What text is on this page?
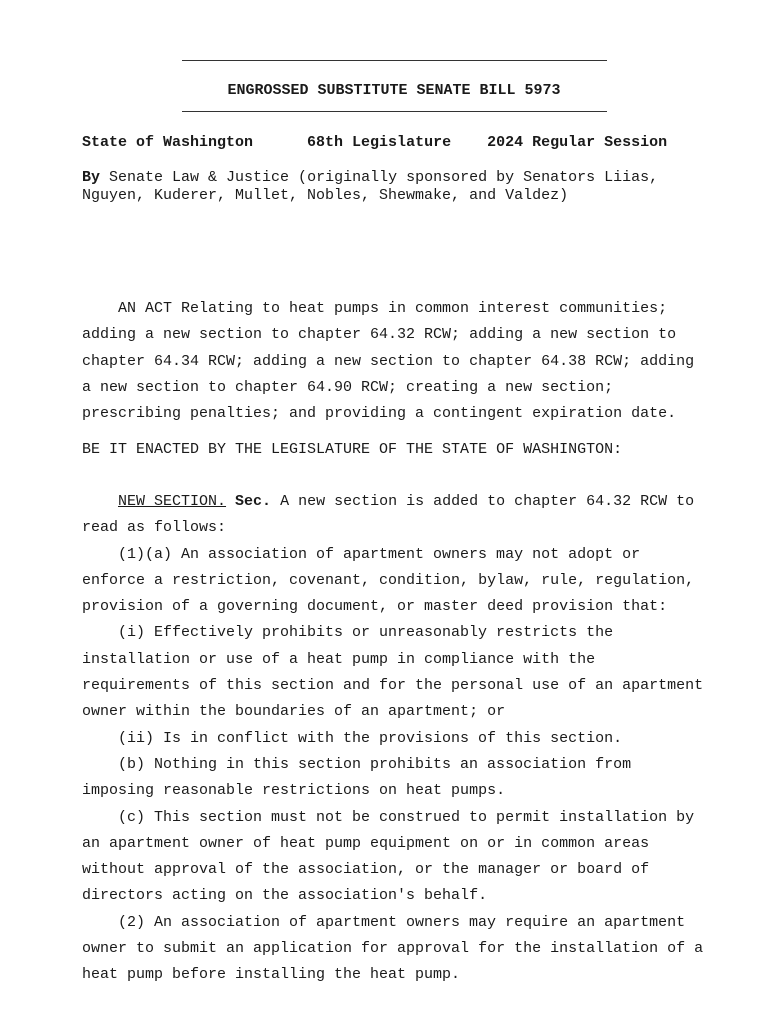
ENGROSSED SUBSTITUTE SENATE BILL 5973
State of Washington	68th Legislature 2024 Regular Session
By Senate Law & Justice (originally sponsored by Senators Liias, Nguyen, Kuderer, Mullet, Nobles, Shewmake, and Valdez)

AN ACT Relating to heat pumps in common interest communities; adding a new section to chapter 64.32 RCW; adding a new section to chapter 64.34 RCW; adding a new section to chapter 64.38 RCW; adding a new section to chapter 64.90 RCW; creating a new section; prescribing penalties; and providing a contingent expiration date.

BE IT ENACTED BY THE LEGISLATURE OF THE STATE OF WASHINGTON:

NEW SECTION. Sec. A new section is added to chapter 64.32 RCW to read as follows:

(1)(a) An association of apartment owners may not adopt or enforce a restriction, covenant, condition, bylaw, rule, regulation, provision of a governing document, or master deed provision that:

(i) Effectively prohibits or unreasonably restricts the installation or use of a heat pump in compliance with the requirements of this section and for the personal use of an apartment owner within the boundaries of an apartment; or

(ii) Is in conflict with the provisions of this section.

(b) Nothing in this section prohibits an association from imposing reasonable restrictions on heat pumps.

(c) This section must not be construed to permit installation by an apartment owner of heat pump equipment on or in common areas without approval of the association, or the manager or board of directors acting on the association's behalf.

(2) An association of apartment owners may require an apartment owner to submit an application for approval for the installation of a heat pump before installing the heat pump.
